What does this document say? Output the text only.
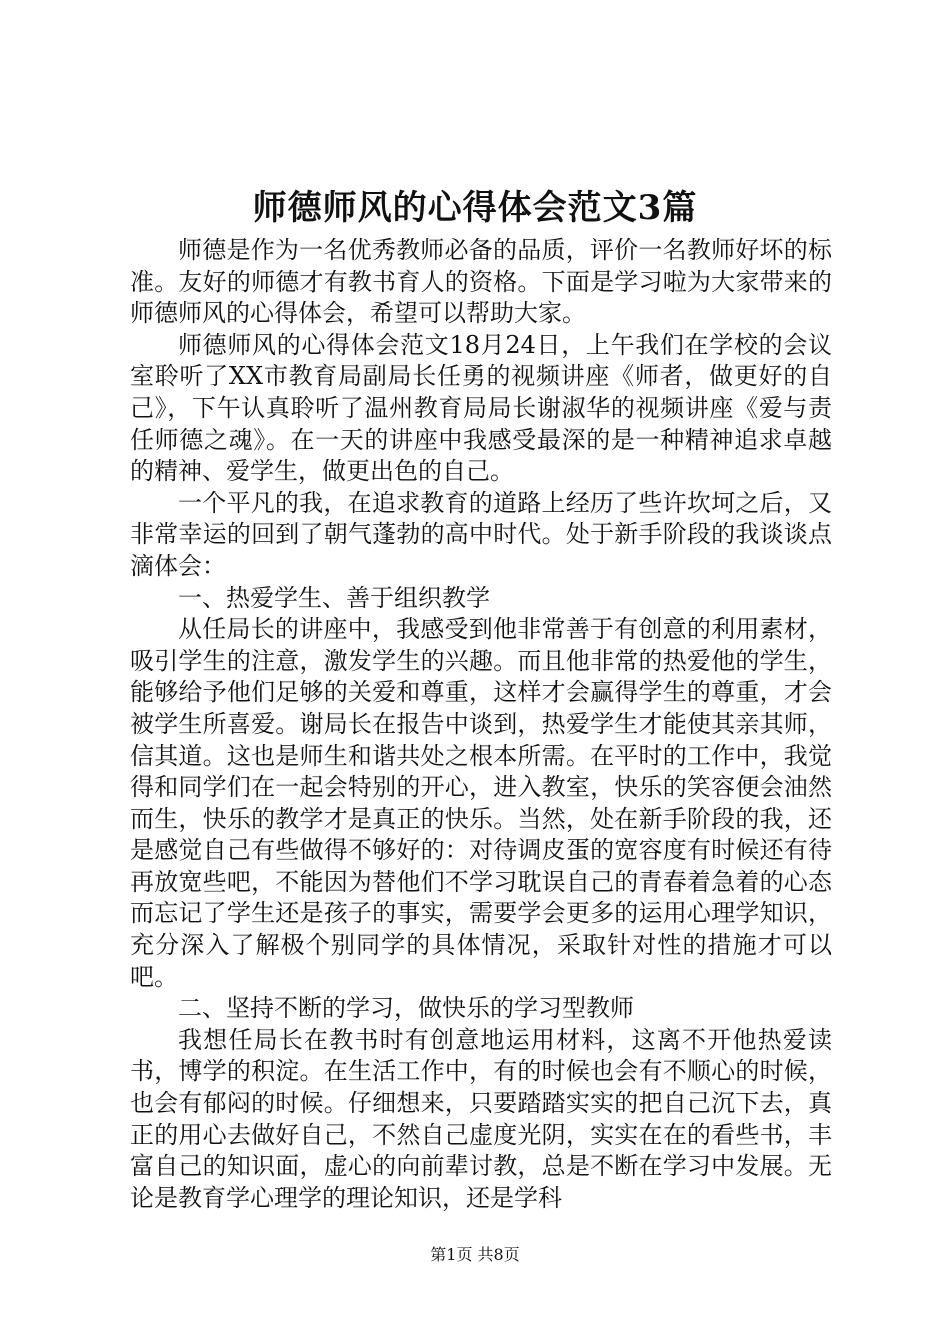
师德师风的心得体会范文3篇

师德是作为一名优秀教师必备的品质，评价一名教师好坏的标准。友好的师德才有教书育人的资格。下面是学习啦为大家带来的师德师风的心得体会，希望可以帮助大家。

师德师风的心得体会范文18月24日，上午我们在学校的会议室聆听了XX市教育局副局长任勇的视频讲座《师者，做更好的自己》，下午认真聆听了温州教育局局长谢淑华的视频讲座《爱与责任师德之魂》。在一天的讲座中我感受最深的是一种精神追求卓越的精神、爱学生，做更出色的自己。

一个平凡的我，在追求教育的道路上经历了些许坎坷之后，又非常幸运的回到了朝气蓬勃的高中时代。处于新手阶段的我谈谈点滴体会：

一、热爱学生、善于组织教学

从任局长的讲座中，我感受到他非常善于有创意的利用素材，吸引学生的注意，激发学生的兴趣。而且他非常的热爱他的学生，能够给予他们足够的关爱和尊重，这样才会赢得学生的尊重，才会被学生所喜爱。谢局长在报告中谈到，热爱学生才能使其亲其师，信其道。这也是师生和谐共处之根本所需。在平时的工作中，我觉得和同学们在一起会特别的开心，进入教室，快乐的笑容便会油然而生，快乐的教学才是真正的快乐。当然，处在新手阶段的我，还是感觉自己有些做得不够好的：对待调皮蛋的宽容度有时候还有待再放宽些吧，不能因为替他们不学习耽误自己的青春着急着的心态而忘记了学生还是孩子的事实，需要学会更多的运用心理学知识，充分深入了解极个别同学的具体情况，采取针对性的措施才可以吧。

二、坚持不断的学习，做快乐的学习型教师

我想任局长在教书时有创意地运用材料，这离不开他热爱读书，博学的积淀。在生活工作中，有的时候也会有不顺心的时候，也会有郁闷的时候。仔细想来，只要踏踏实实的把自己沉下去，真正的用心去做好自己，不然自己虚度光阴，实实在在的看些书，丰富自己的知识面，虚心的向前辈讨教，总是不断在学习中发展。无论是教育学心理学的理论知识，还是学科

第1页 共8页
